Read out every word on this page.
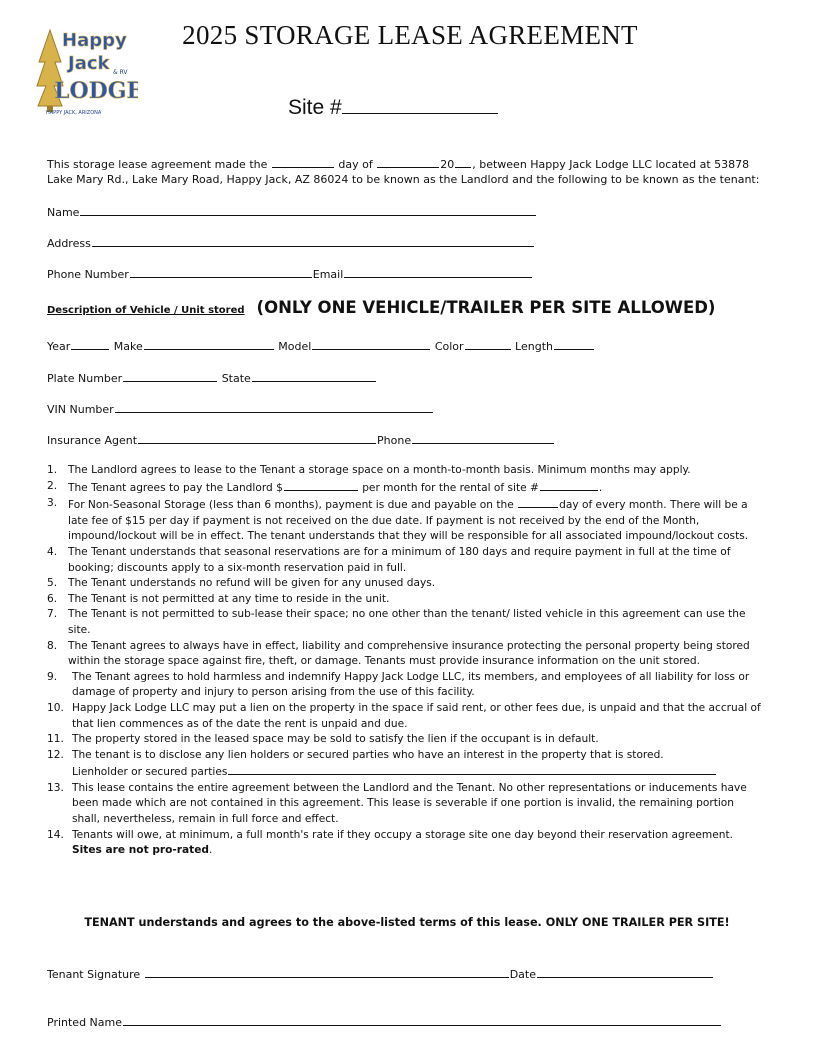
Happy
Jack & RV
LODGE
HAPPY JACK, ARIZONA
2025 STORAGE LEASE AGREEMENT
Site #
This storage lease agreement made the	day of	20 , between Happy Jack Lodge LLC located at 53878 Lake Mary Rd., Lake Mary Road, Happy Jack, AZ 86024 to be known as the Landlord and the following to be known as the tenant:
Name
Address
Phone Number	Email
Description of Vehicle / Unit stored (ONLY ONE VEHICLE/TRAILER PER SITE ALLOWED)
Year	Make	Model	Color	Length
Plate Number	State
VIN Number
Insurance Agent	Phone
1. The Landlord agrees to lease to the Tenant a storage space on a month-to-month basis. Minimum months may apply.
2. The Tenant agrees to pay the Landlord $	per month for the rental of site #	.
3. For Non-Seasonal Storage (less than 6 months), payment is due and payable on the	day of every month. There will be a late fee of $15 per day if payment is not received on the due date. If payment is not received by the end of the Month, impound/lockout will be in effect. The tenant understands that they will be responsible for all associated impound/lockout costs.
4. The Tenant understands that seasonal reservations are for a minimum of 180 days and require payment in full at the time of booking; discounts apply to a six-month reservation paid in full.
5. The Tenant understands no refund will be given for any unused days.
6. The Tenant is not permitted at any time to reside in the unit.
7. The Tenant is not permitted to sub-lease their space; no one other than the tenant/ listed vehicle in this agreement can use the site.
8. The Tenant agrees to always have in effect, liability and comprehensive insurance protecting the personal property being stored within the storage space against fire, theft, or damage. Tenants must provide insurance information on the unit stored.
9. The Tenant agrees to hold harmless and indemnify Happy Jack Lodge LLC, its members, and employees of all liability for loss or damage of property and injury to person arising from the use of this facility.
10. Happy Jack Lodge LLC may put a lien on the property in the space if said rent, or other fees due, is unpaid and that the accrual of that lien commences as of the date the rent is unpaid and due.
11. The property stored in the leased space may be sold to satisfy the lien if the occupant is in default.
12. The tenant is to disclose any lien holders or secured parties who have an interest in the property that is stored.
Lienholder or secured parties
13. This lease contains the entire agreement between the Landlord and the Tenant. No other representations or inducements have been made which are not contained in this agreement. This lease is severable if one portion is invalid, the remaining portion shall, nevertheless, remain in full force and effect.
14. Tenants will owe, at minimum, a full month's rate if they occupy a storage site one day beyond their reservation agreement. Sites are not pro-rated.
TENANT understands and agrees to the above-listed terms of this lease. ONLY ONE TRAILER PER SITE!
Tenant Signature	Date
Printed Name
